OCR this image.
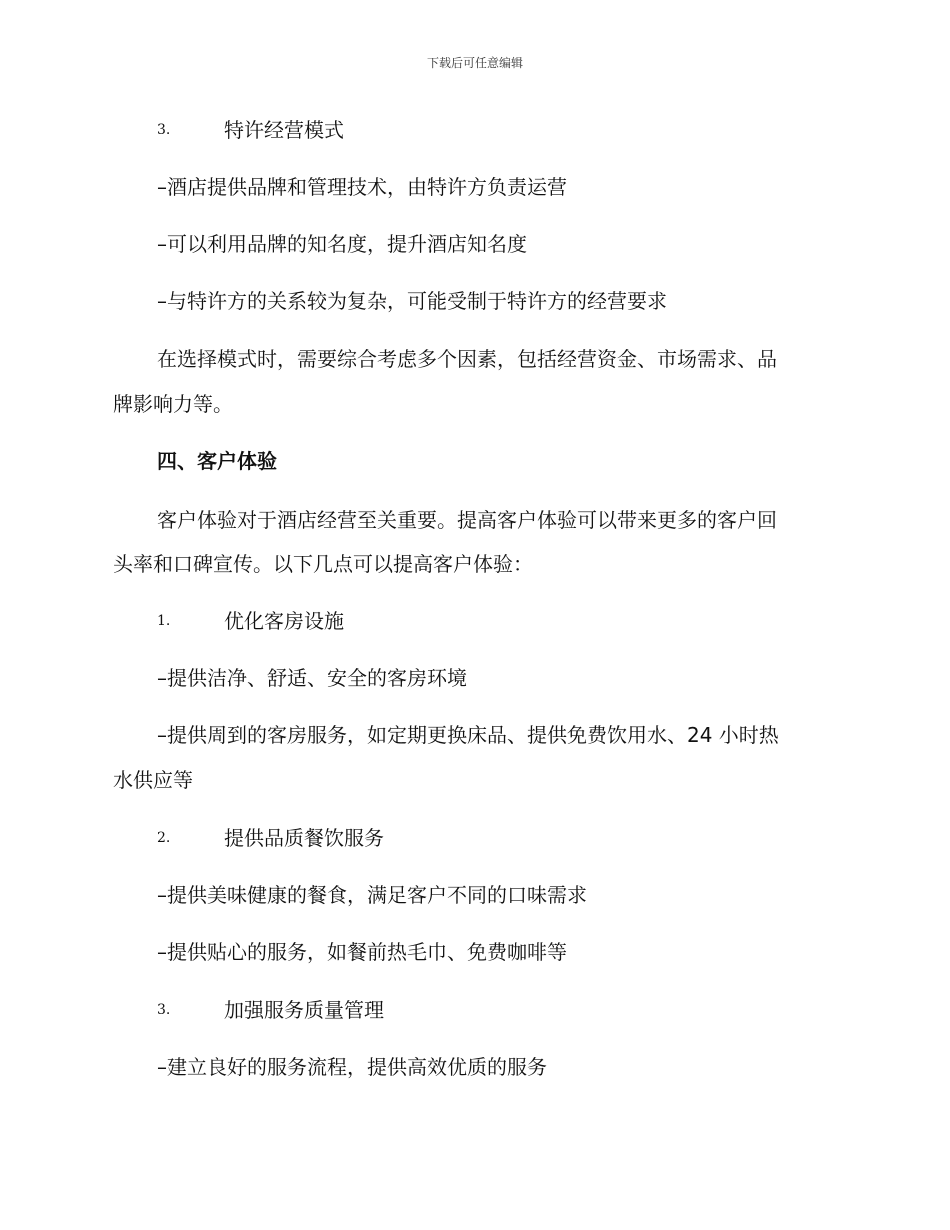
下载后可任意编辑
3.	特许经营模式
–酒店提供品牌和管理技术，由特许方负责运营
–可以利用品牌的知名度，提升酒店知名度
–与特许方的关系较为复杂，可能受制于特许方的经营要求
在选择模式时，需要综合考虑多个因素，包括经营资金、市场需求、品
牌影响力等。
四、客户体验
客户体验对于酒店经营至关重要。提高客户体验可以带来更多的客户回
头率和口碑宣传。以下几点可以提高客户体验：
1.	优化客房设施
–提供洁净、舒适、安全的客房环境
–提供周到的客房服务，如定期更换床品、提供免费饮用水、24 小时热
水供应等
2.	提供品质餐饮服务
–提供美味健康的餐食，满足客户不同的口味需求
–提供贴心的服务，如餐前热毛巾、免费咖啡等
3.	加强服务质量管理
–建立良好的服务流程，提供高效优质的服务
